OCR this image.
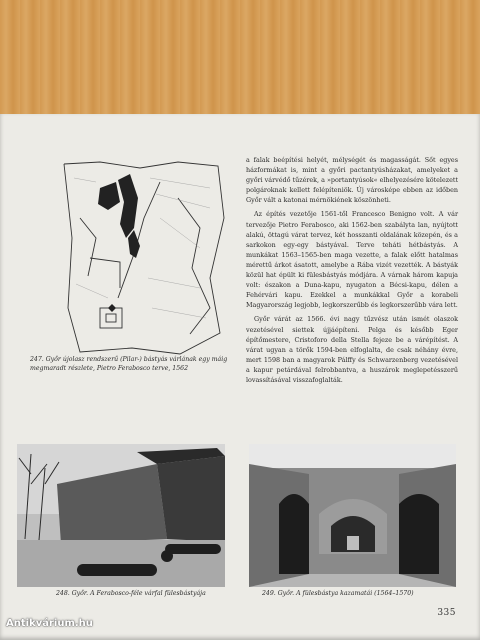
247. Győr újolasz rendszerű (Pilar-) bástyás várlának egy máig megmaradt részlete, Pietro Ferabosco terve, 1562

a falak beépítési helyét, mélységét és magasságát. Sőt egyes házformákat is, mint a győri pactantyúsházakat, amelyeket a győri várvédő tűzérek, a »portantyúsok« elhelyezésére kötelezett polgároknak kellett felépíteniök. Új városképe ebben az időben Győr vált a katonai mérnökiének köszönheti.

Az építés vezetője 1561-től Francesco Benigno volt. A vár tervezője Pietro Ferabosco, aki 1562-ben szabályta lan, nyújtott alakú, öttagú várat tervez, két hosszanti oldalának közepén, és a sarkokon egy-egy bástyával. Terve teháti hétbástyás. A munkákat 1563–1565-ben maga vezette, a falak előtt hatalmas mérettű árkot ásatott, amelybe a Rába vizét vezették. A bástyák közül hat épült ki fülesbástyás módjára. A várnak három kapuja volt: északon a Duna-kapu, nyugaton a Bécsi-kapu, délen a Fehérvári kapu. Ezekkel a munkákkal Győr a korabeli Magyarország legjobb, legkorszerűbb és legkorszerűbb vára lett.

Győr várát az 1566. évi nagy tűzvész után ismét olaszok vezetésével siettek újjáépíteni. Pelga és később Eger építőmestere, Cristoforo della Stella fejeze be a várépítést. A várat ugyan a törők 1594-ben elfoglalta, de csak néhány évre, mert 1598 ban a magyarok Pálffy és Schwarzenberg vezetésével a kapur petárdával felrobbantva, a huszárok meglepetésszerű lovassításával visszafoglalták.

248. Győr. A Ferabosco-féle várfal fülesbástyája	249. Győr. A fülesbástya kazamatái (1564–1570)

335
Antikvárium.hu
